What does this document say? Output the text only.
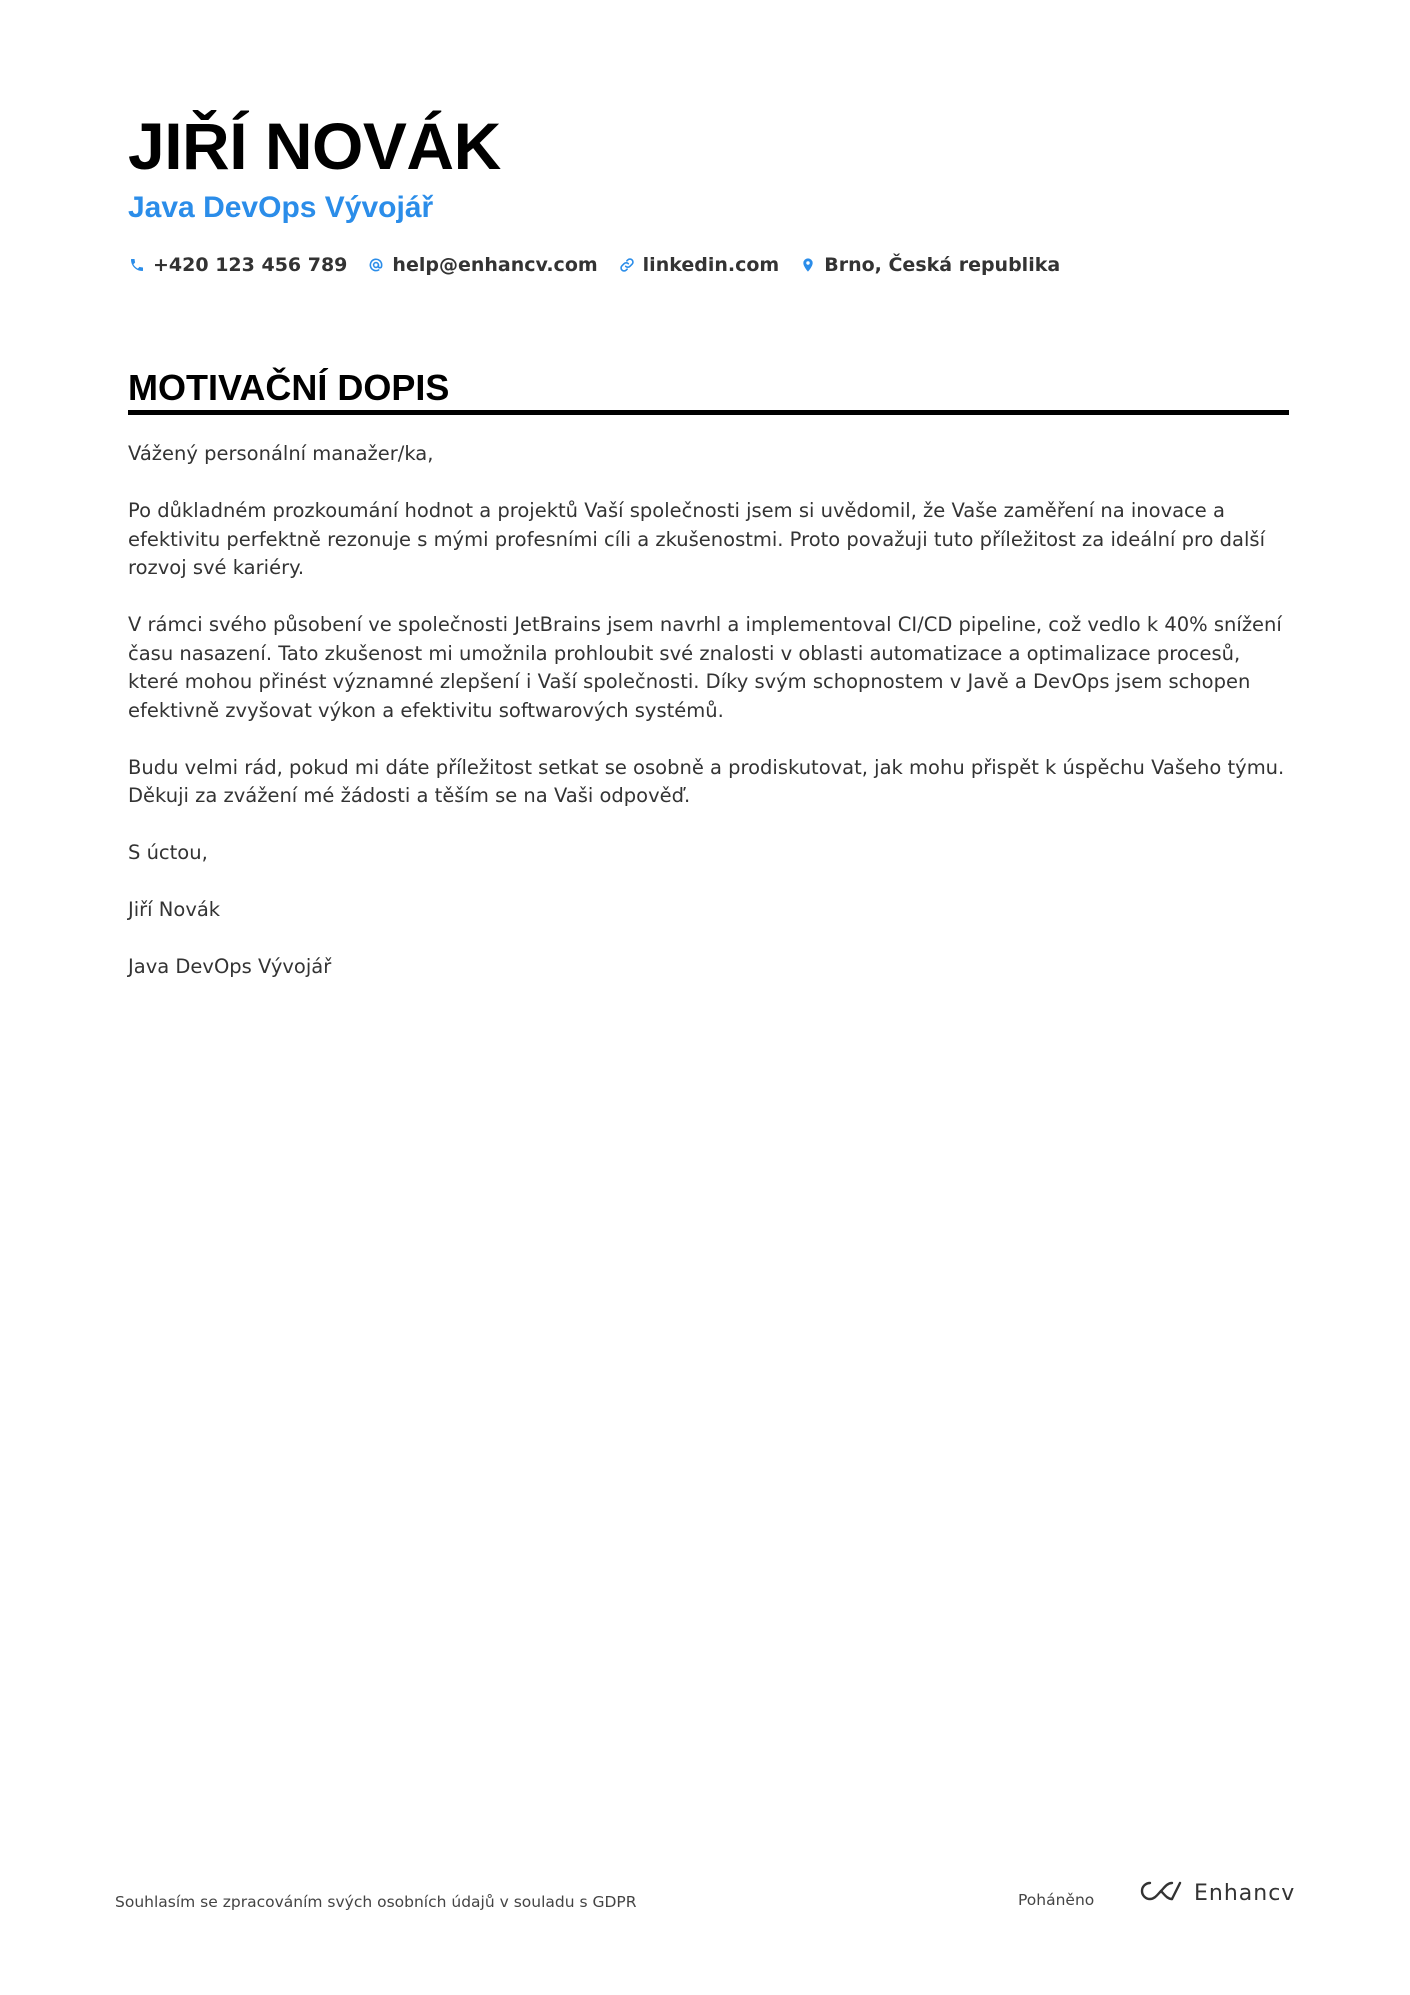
JIŘÍ NOVÁK
Java DevOps Vývojář
+420 123 456 789 help@enhancv.com linkedin.com Brno, Česká republika
MOTIVAČNÍ DOPIS

Vážený personální manažer/ka,

Po důkladném prozkoumání hodnot a projektů Vaší společnosti jsem si uvědomil, že Vaše zaměření na inovace a efektivitu perfektně rezonuje s mými profesními cíli a zkušenostmi. Proto považuji tuto příležitost za ideální pro další rozvoj své kariéry.

V rámci svého působení ve společnosti JetBrains jsem navrhl a implementoval CI/CD pipeline, což vedlo k 40% snížení času nasazení. Tato zkušenost mi umožnila prohloubit své znalosti v oblasti automatizace a optimalizace procesů, které mohou přinést významné zlepšení i Vaší společnosti. Díky svým schopnostem v Javě a DevOps jsem schopen efektivně zvyšovat výkon a efektivitu softwarových systémů.

Budu velmi rád, pokud mi dáte příležitost setkat se osobně a prodiskutovat, jak mohu přispět k úspěchu Vašeho týmu. Děkuji za zvážení mé žádosti a těším se na Vaši odpověď.

S úctou,

Jiří Novák

Java DevOps Vývojář

Souhlasím se zpracováním svých osobních údajů v souladu s GDPR	Poháněno	Enhancv
